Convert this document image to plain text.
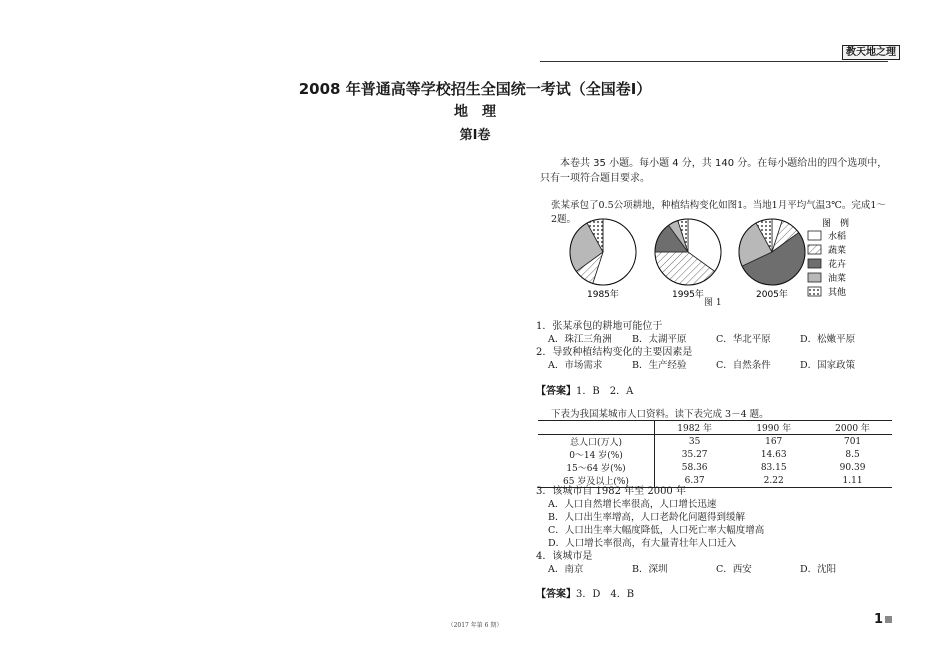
教天地之理
2008 年普通高等学校招生全国统一考试（全国卷Ⅰ）
地　理
第Ⅰ卷
本卷共 35 小题。每小题 4 分，共 140 分。在每小题给出的四个选项中，只有一项符合题目要求。
张某承包了0.5公项耕地，种植结构变化如图1。当地1月平均气温3℃。完成1～2题。
1985年	1995年	2005年
图　例
水稻
蔬菜
花卉
油菜
其他
图 1
1．张某承包的耕地可能位于
A．珠江三角洲	B．太湖平原	C．华北平原	D．松嫩平原
2．导致种植结构变化的主要因素是
A．市场需求	B．生产经验	C．自然条件	D．国家政策
【答案】1．B　2．A
下表为我国某城市人口资料。读下表完成 3－4 题。
	1982 年	1990 年	2000 年
总人口(万人)	35	167	701
0～14 岁(%)	35.27	14.63	8.5
15～64 岁(%)	58.36	83.15	90.39
65 岁及以上(%)	6.37	2.22	1.11
3．该城市自 1982 年至 2000 年
A．人口自然增长率很高，人口增长迅速
B．人口出生率增高，人口老龄化问题得到缓解
C．人口出生率大幅度降低，人口死亡率大幅度增高
D．人口增长率很高，有大量青壮年人口迁入
4．该城市是
A．南京	B．深圳	C．西安	D．沈阳
【答案】3．D　4．B
（2017 年第 6 期）	1
